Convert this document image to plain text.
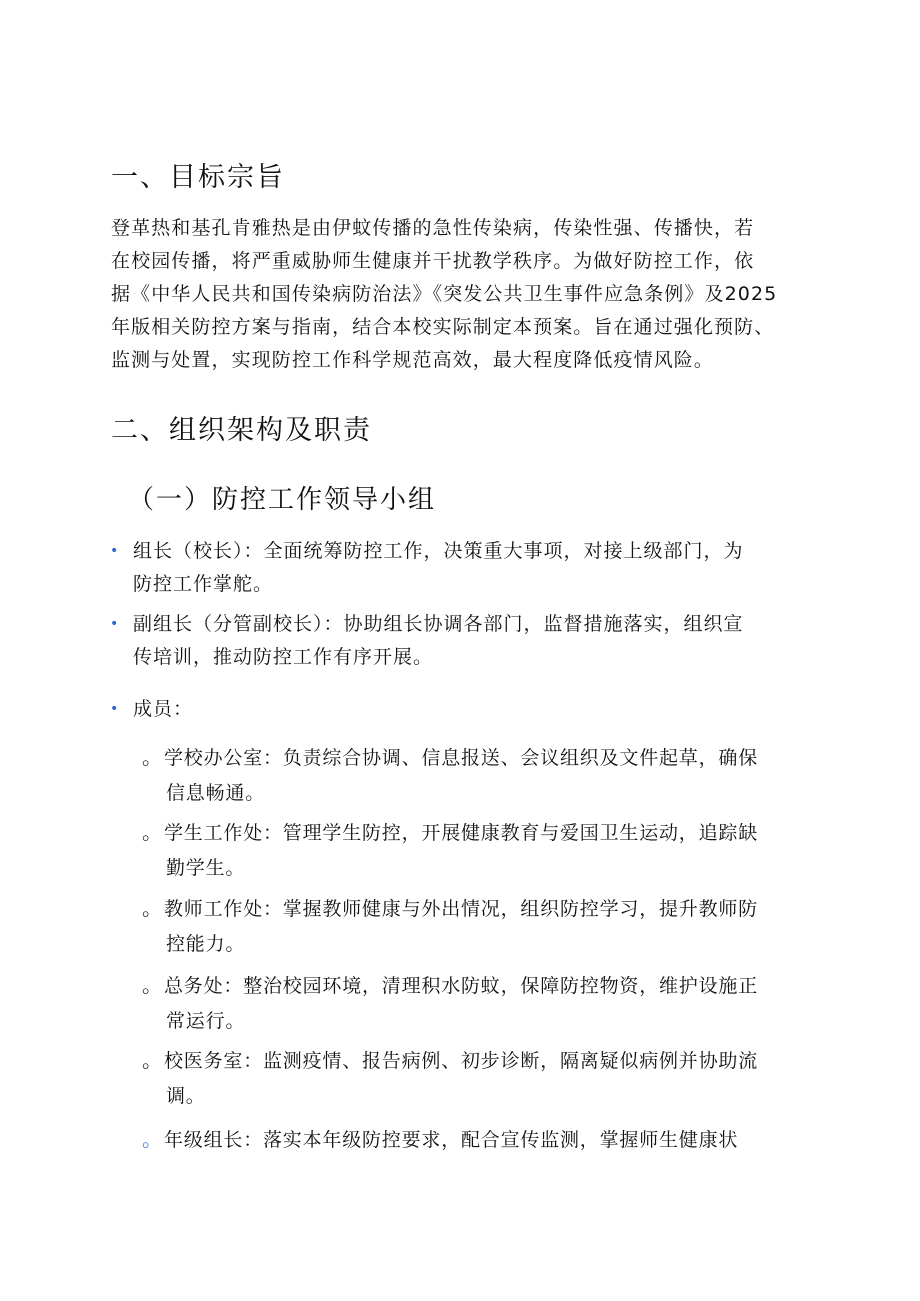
一、目标宗旨
登革热和基孔肯雅热是由伊蚊传播的急性传染病，传染性强、传播快，若
在校园传播，将严重威胁师生健康并干扰教学秩序。为做好防控工作，依
据《中华人民共和国传染病防治法》《突发公共卫生事件应急条例》及2025
年版相关防控方案与指南，结合本校实际制定本预案。旨在通过强化预防、
监测与处置，实现防控工作科学规范高效，最大程度降低疫情风险。
二、组织架构及职责
（一）防控工作领导小组
• 组长（校长）：全面统筹防控工作，决策重大事项，对接上级部门，为
防控工作掌舵。
• 副组长（分管副校长）：协助组长协调各部门，监督措施落实，组织宣
传培训，推动防控工作有序开展。
• 成员：
。学校办公室：负责综合协调、信息报送、会议组织及文件起草，确保
信息畅通。
。学生工作处：管理学生防控，开展健康教育与爱国卫生运动，追踪缺
勤学生。
。教师工作处：掌握教师健康与外出情况，组织防控学习，提升教师防
控能力。
。总务处：整治校园环境，清理积水防蚊，保障防控物资，维护设施正
常运行。
。校医务室：监测疫情、报告病例、初步诊断，隔离疑似病例并协助流
调。
。年级组长：落实本年级防控要求，配合宣传监测，掌握师生健康状
